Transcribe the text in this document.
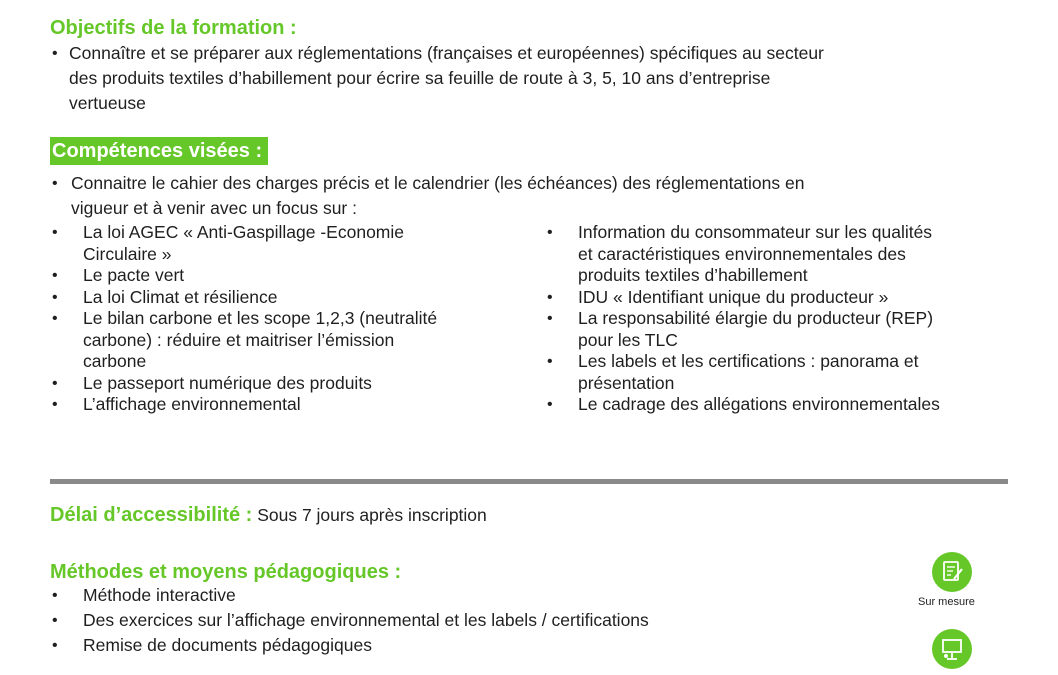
Objectifs de la formation :
• Connaître et se préparer aux réglementations (françaises et européennes) spécifiques au secteur
des produits textiles d’habillement pour écrire sa feuille de route à 3, 5, 10 ans d’entreprise
vertueuse
Compétences visées :
• Connaitre le cahier des charges précis et le calendrier (les échéances) des réglementations en
vigueur et à venir avec un focus sur :
• La loi AGEC « Anti-Gaspillage -Economie
Circulaire »
• Le pacte vert
• La loi Climat et résilience
• Le bilan carbone et les scope 1,2,3 (neutralité
carbone) : réduire et maitriser l’émission
carbone
• Le passeport numérique des produits
• L’affichage environnemental
• Information du consommateur sur les qualités
et caractéristiques environnementales des
produits textiles d’habillement
• IDU « Identifiant unique du producteur »
• La responsabilité élargie du producteur (REP)
pour les TLC
• Les labels et les certifications : panorama et
présentation
• Le cadrage des allégations environnementales
Délai d’accessibilité : Sous 7 jours après inscription
Méthodes et moyens pédagogiques :
• Méthode interactive
• Des exercices sur l’affichage environnemental et les labels / certifications
• Remise de documents pédagogiques
Sur mesure
